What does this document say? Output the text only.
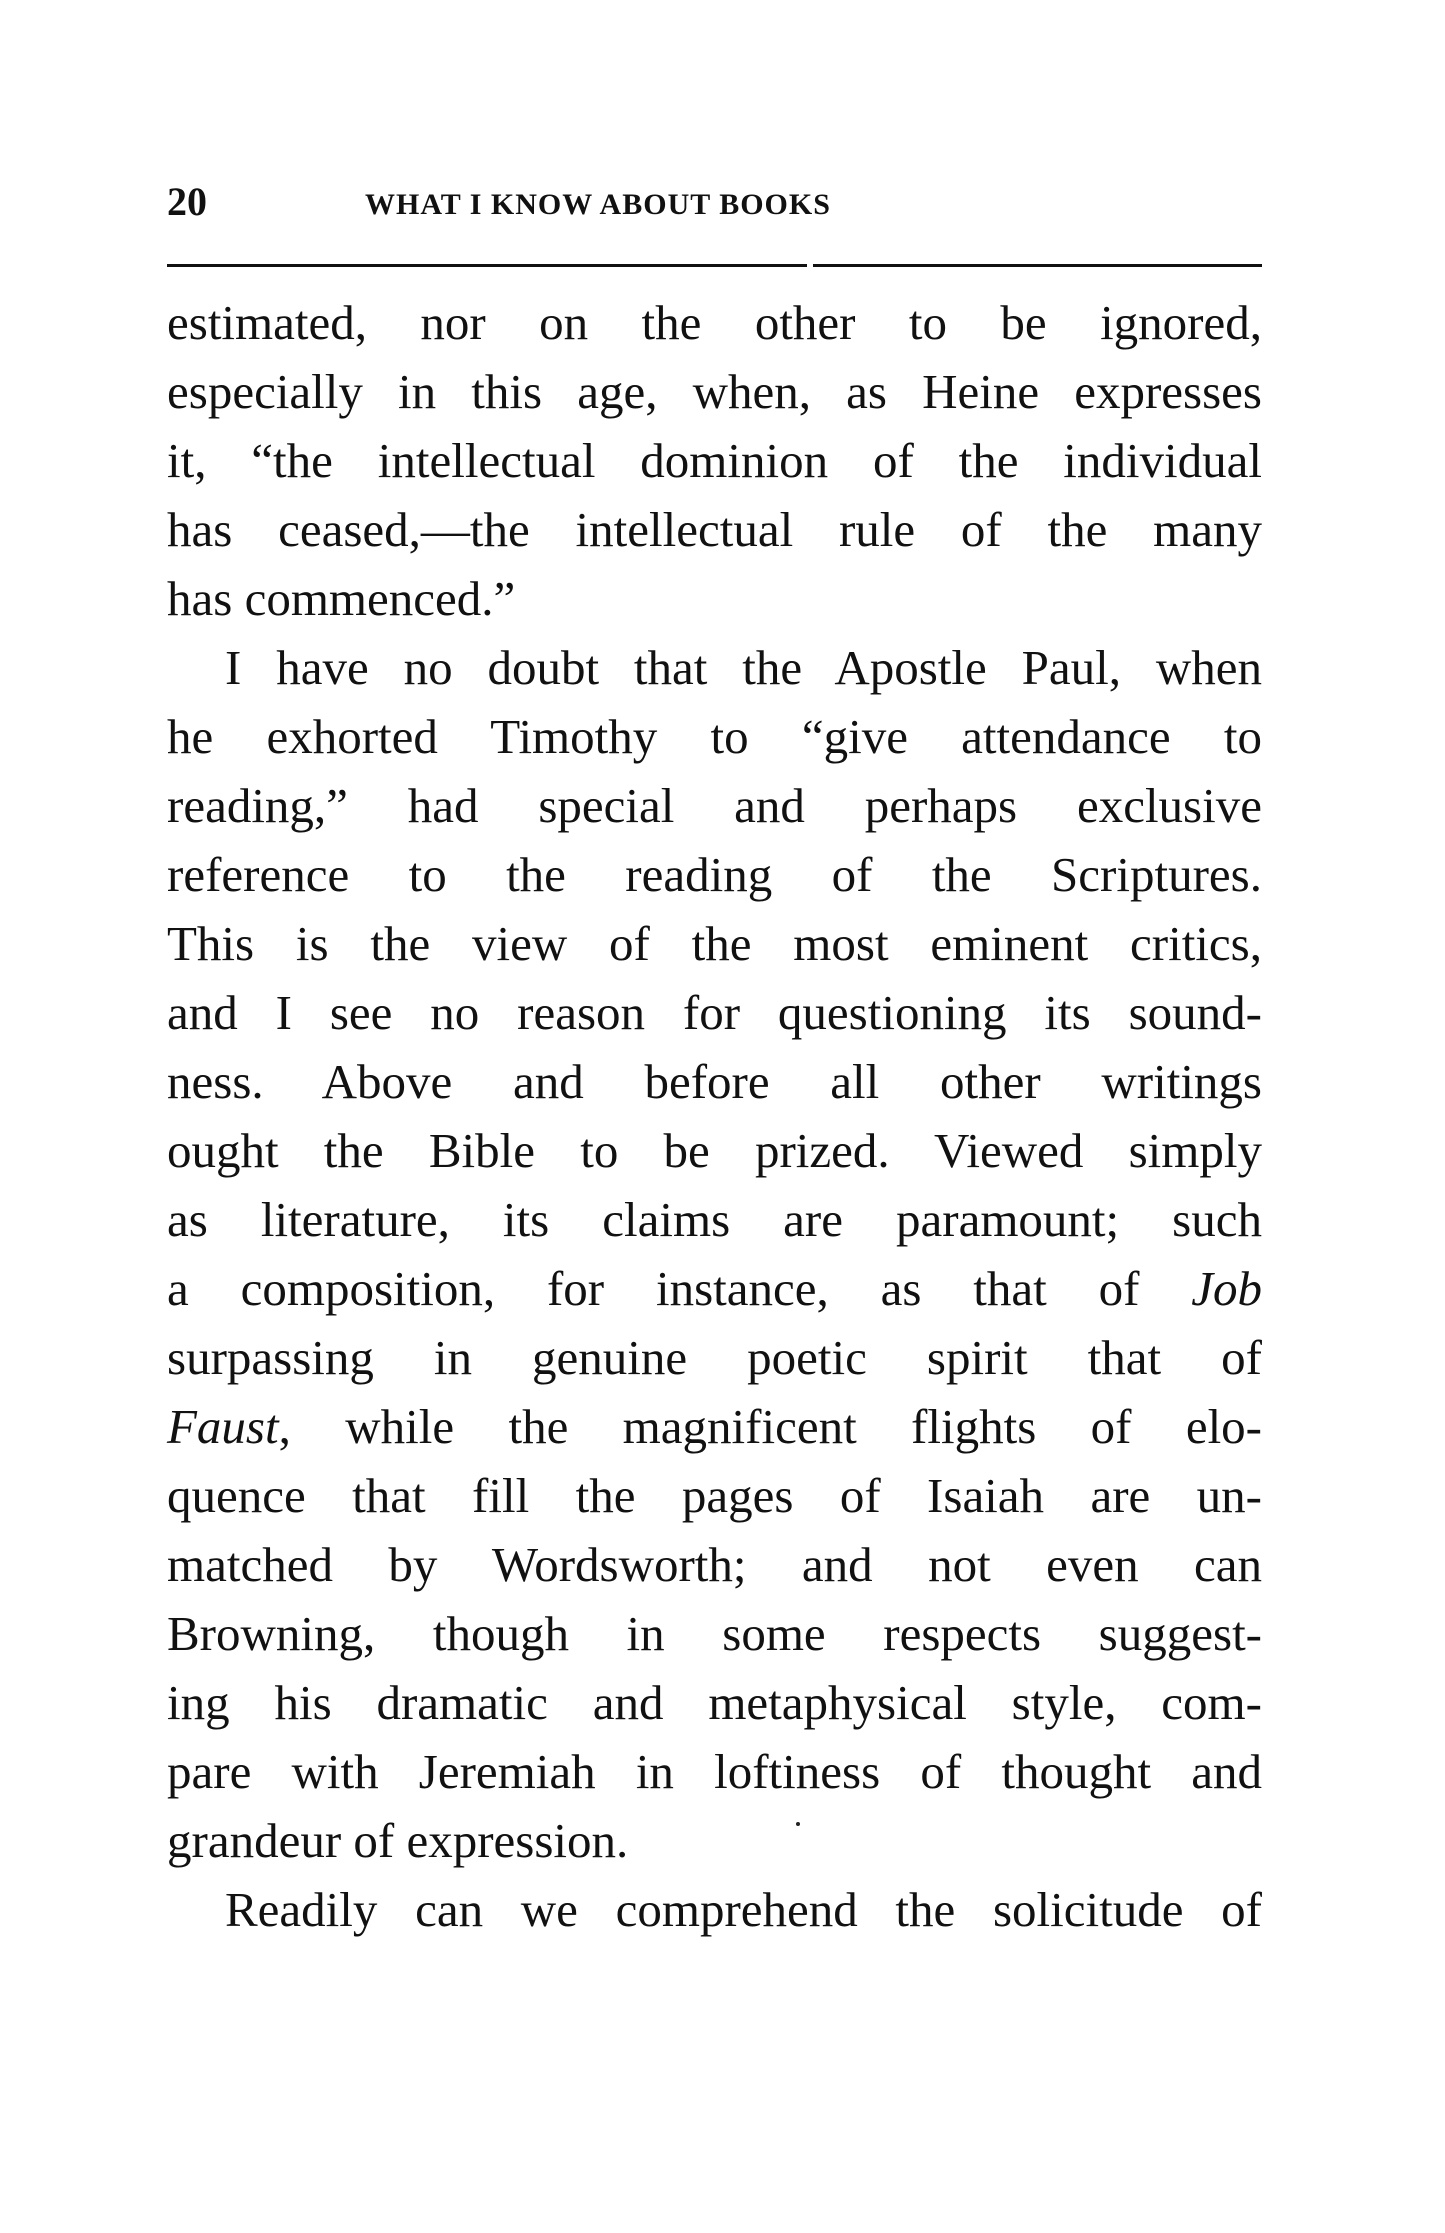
20	WHAT I KNOW ABOUT BOOKS
estimated, nor on the other to be ignored,
especially in this age, when, as Heine expresses
it, “the intellectual dominion of the individual
has ceased,—the intellectual rule of the many
has commenced.”
I have no doubt that the Apostle Paul, when
he exhorted Timothy to “give attendance to
reading,” had special and perhaps exclusive
reference to the reading of the Scriptures.
This is the view of the most eminent critics,
and I see no reason for questioning its sound-
ness. Above and before all other writings
ought the Bible to be prized. Viewed simply
as literature, its claims are paramount; such
a composition, for instance, as that of Job
surpassing in genuine poetic spirit that of
Faust, while the magnificent flights of elo-
quence that fill the pages of Isaiah are un-
matched by Wordsworth; and not even can
Browning, though in some respects suggest-
ing his dramatic and metaphysical style, com-
pare with Jeremiah in loftiness of thought and
grandeur of expression.
Readily can we comprehend the solicitude of
